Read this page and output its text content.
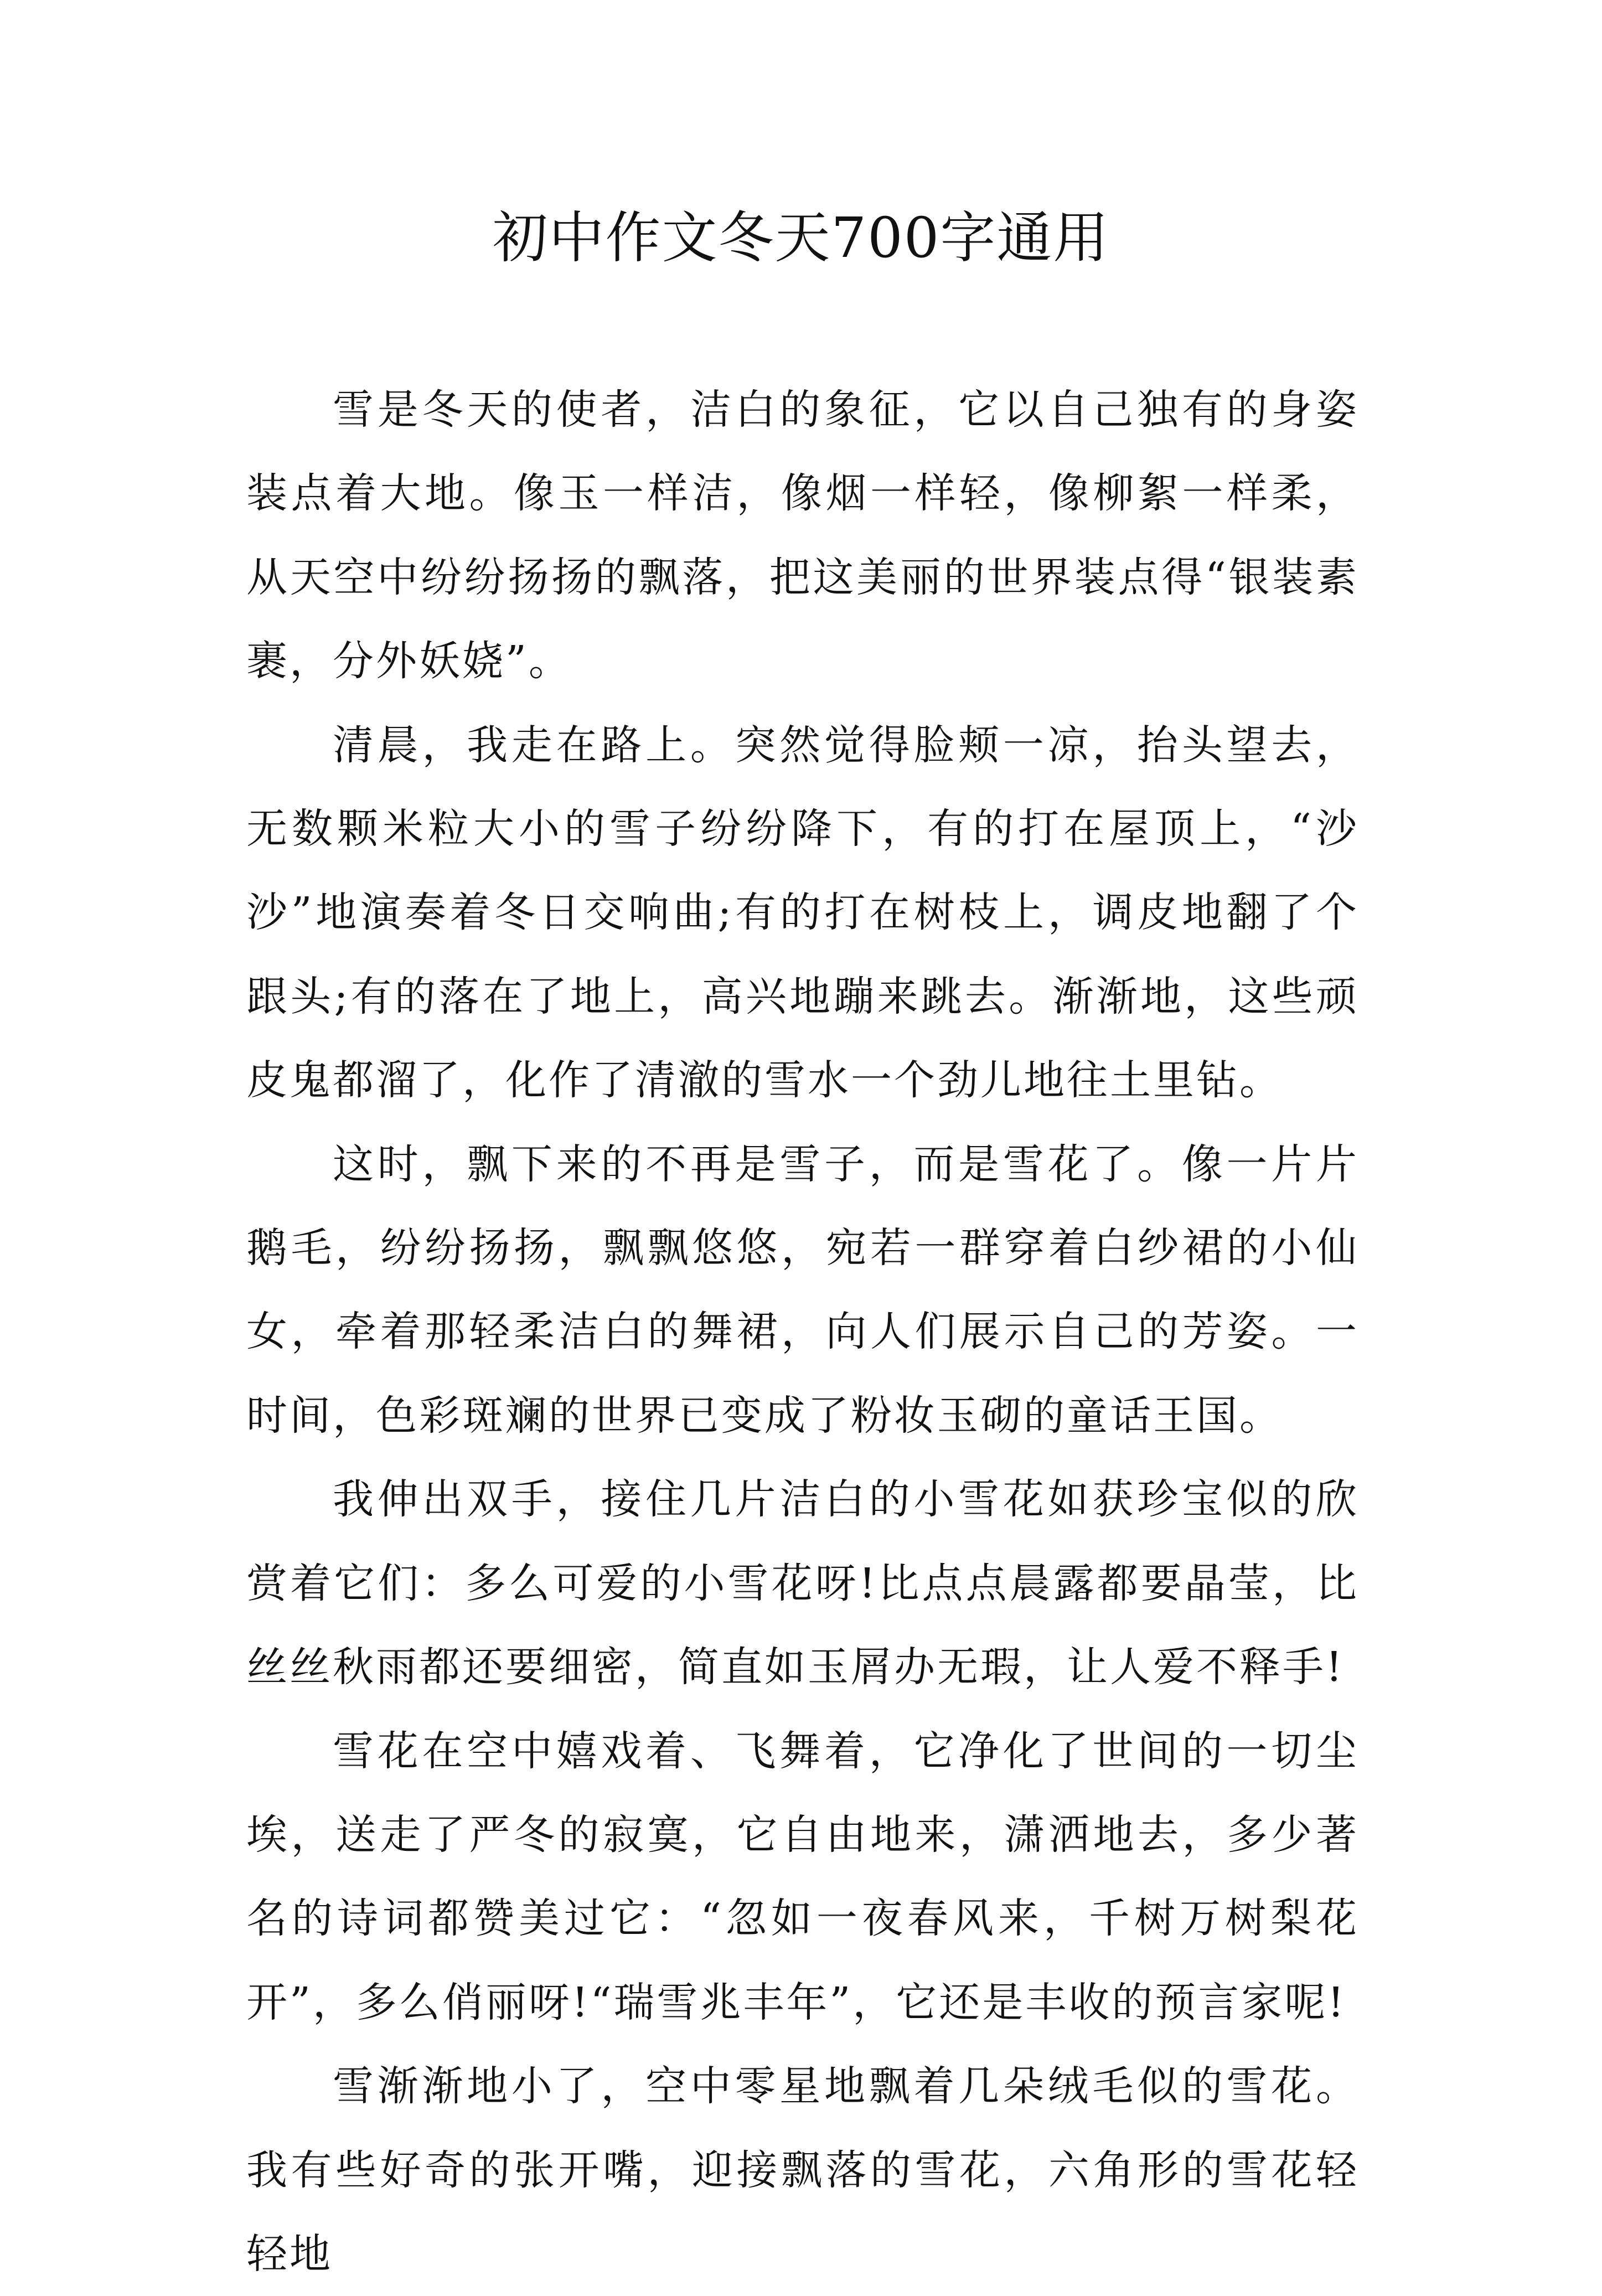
初中作文冬天700字通用

雪是冬天的使者，洁白的象征，它以自己独有的身姿装点着大地。像玉一样洁，像烟一样轻，像柳絮一样柔，从天空中纷纷扬扬的飘落，把这美丽的世界装点得“银装素裹，分外妖娆”。

清晨，我走在路上。突然觉得脸颊一凉，抬头望去，无数颗米粒大小的雪子纷纷降下，有的打在屋顶上，“沙沙”地演奏着冬日交响曲;有的打在树枝上，调皮地翻了个跟头;有的落在了地上，高兴地蹦来跳去。渐渐地，这些顽皮鬼都溜了，化作了清澈的雪水一个劲儿地往土里钻。

这时，飘下来的不再是雪子，而是雪花了。像一片片鹅毛，纷纷扬扬，飘飘悠悠，宛若一群穿着白纱裙的小仙女，牵着那轻柔洁白的舞裙，向人们展示自己的芳姿。一时间，色彩斑斓的世界已变成了粉妆玉砌的童话王国。

我伸出双手，接住几片洁白的小雪花如获珍宝似的欣赏着它们：多么可爱的小雪花呀!比点点晨露都要晶莹，比丝丝秋雨都还要细密，简直如玉屑办无瑕，让人爱不释手!

雪花在空中嬉戏着、飞舞着，它净化了世间的一切尘埃，送走了严冬的寂寞，它自由地来，潇洒地去，多少著名的诗词都赞美过它：“忽如一夜春风来，千树万树梨花开”，多么俏丽呀!“瑞雪兆丰年”，它还是丰收的预言家呢!

雪渐渐地小了，空中零星地飘着几朵绒毛似的雪花。我有些好奇的张开嘴，迎接飘落的雪花，六角形的雪花轻轻地
